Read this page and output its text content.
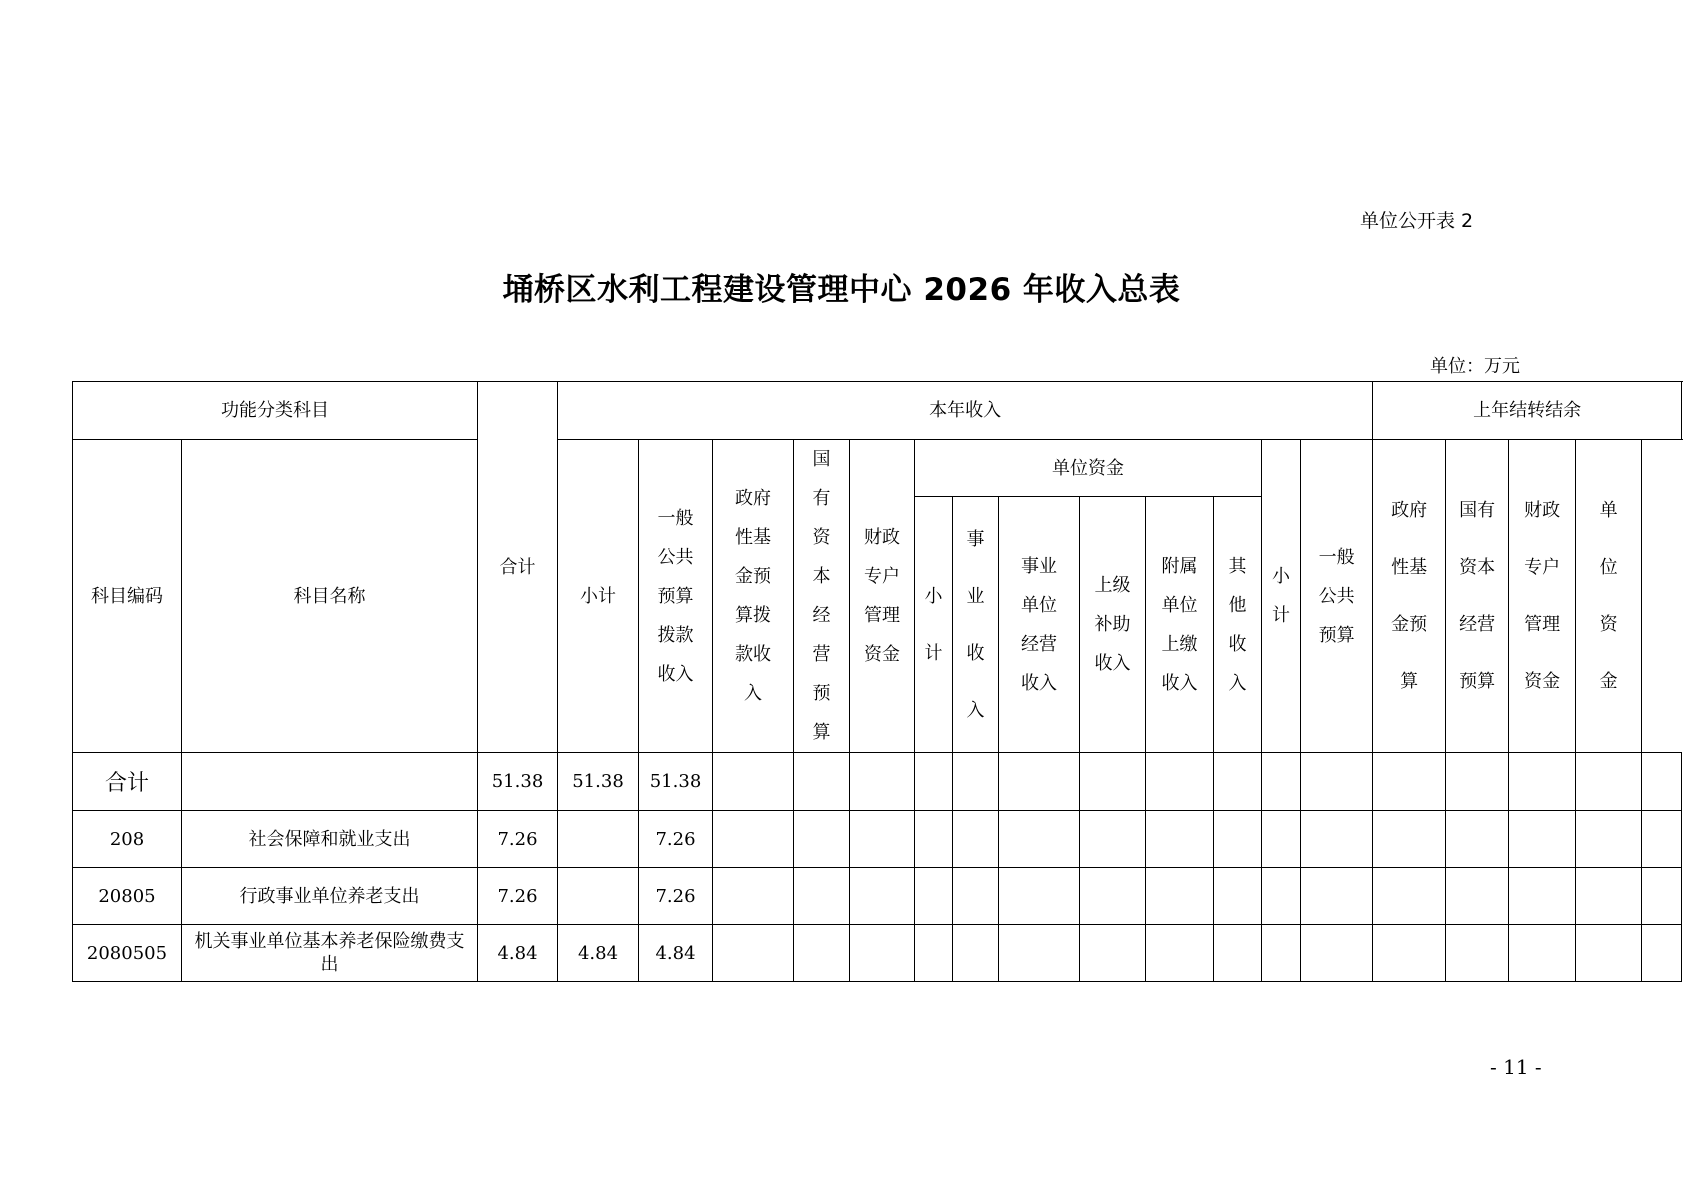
单位公开表 2
埇桥区水利工程建设管理中心 2026 年收入总表
单位：万元
功能分类科目		合计	本年收入													上年结转结余				
科目编码	科目名称		小计	一般公共预算拨款收入	政府性基金预算拨款收入	国有资本经营预算	财政专户管理资金	单位资金						小计	一般公共预算	政府性基金预算	国有资本经营预算	财政专户管理资金	单位资金	
								小计	事业收入	事业单位经营收入	上级补助收入	附属单位上缴收入	其他收入							
合计		51.38	51.38	51.38																
208	社会保障和就业支出	7.26		7.26																
20805	行政事业单位养老支出	7.26		7.26																
2080505	机关事业单位基本养老保险缴费支出	4.84	4.84	4.84																
- 11 -
